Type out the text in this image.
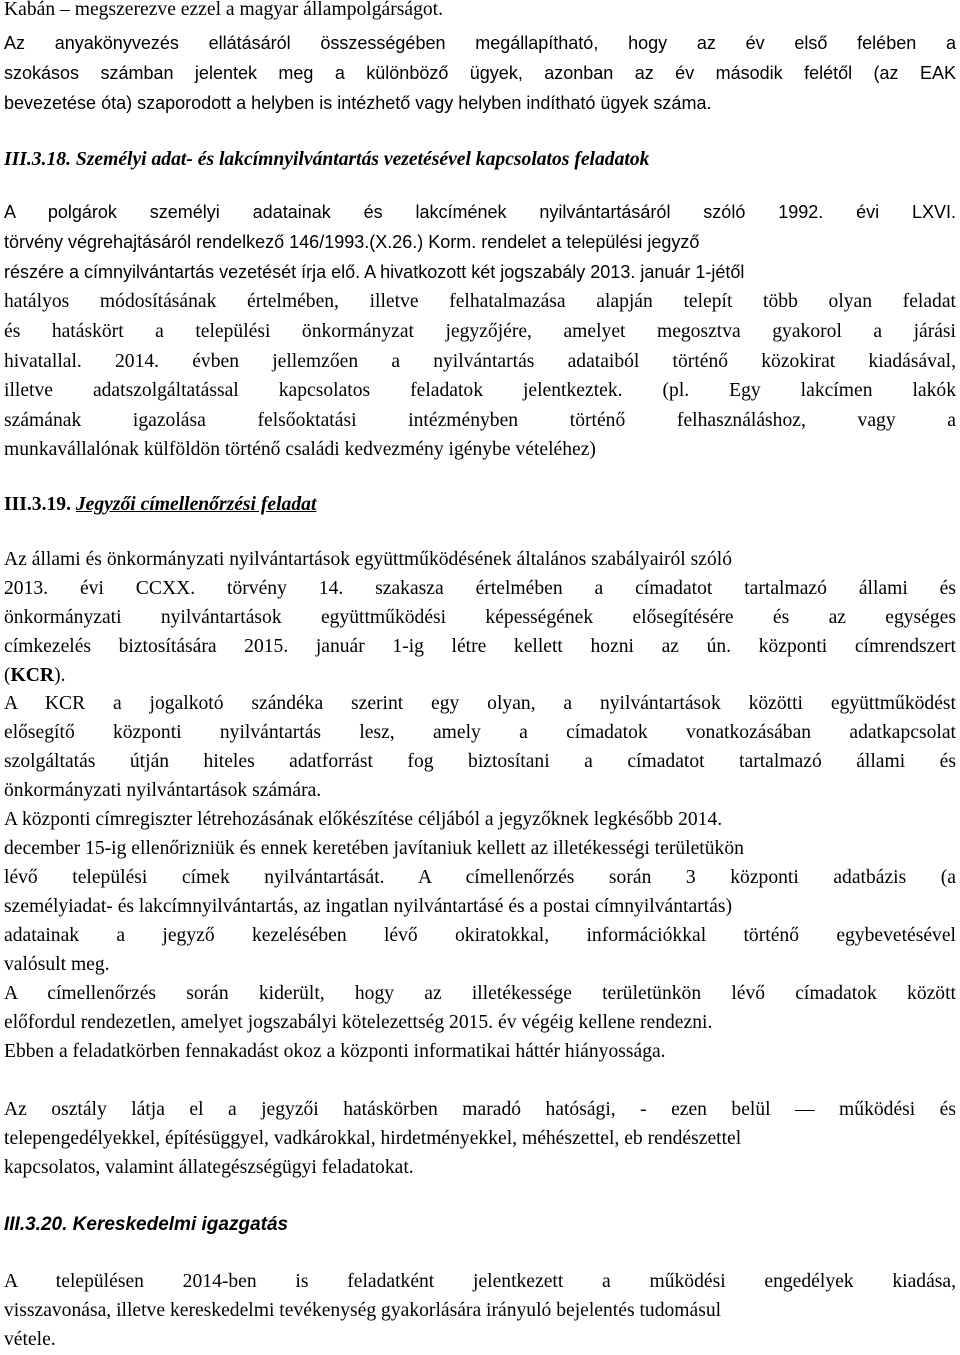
Kabán – megszerezve ezzel a magyar állampolgárságot.
Az anyakönyvezés ellátásáról összességében megállapítható, hogy az év első felében a
szokásos számban jelentek meg a különböző ügyek, azonban az év második felétől (az EAK
bevezetése óta) szaporodott a helyben is intézhető vagy helyben indítható ügyek száma.
III.3.18. Személyi adat- és lakcímnyilvántartás vezetésével kapcsolatos feladatok
A polgárok személyi adatainak és lakcímének nyilvántartásáról szóló 1992. évi LXVI.
törvény végrehajtásáról rendelkező 146/1993.(X.26.) Korm. rendelet a települési jegyző
részére a címnyilvántartás vezetését írja elő. A hivatkozott két jogszabály 2013. január 1-jétől
hatályos módosításának értelmében, illetve felhatalmazása alapján telepít több olyan feladat
és hatáskört a települési önkormányzat jegyzőjére, amelyet megosztva gyakorol a járási
hivatallal. 2014. évben jellemzően a nyilvántartás adataiból történő közokirat kiadásával,
illetve adatszolgáltatással kapcsolatos feladatok jelentkeztek. (pl. Egy lakcímen lakók
számának igazolása felsőoktatási intézményben történő felhasználáshoz, vagy a
munkavállalónak külföldön történő családi kedvezmény igénybe vételéhez)
III.3.19. Jegyzői címellenőrzési feladat
Az állami és önkormányzati nyilvántartások együttműködésének általános szabályairól szóló
2013. évi CCXX. törvény 14. szakasza értelmében a címadatot tartalmazó állami és
önkormányzati nyilvántartások együttműködési képességének elősegítésére és az egységes
címkezelés biztosítására 2015. január 1-ig létre kellett hozni az ún. központi címrendszert
(KCR).
A KCR a jogalkotó szándéka szerint egy olyan, a nyilvántartások közötti együttműködést
elősegítő központi nyilvántartás lesz, amely a címadatok vonatkozásában adatkapcsolat
szolgáltatás útján hiteles adatforrást fog biztosítani a címadatot tartalmazó állami és
önkormányzati nyilvántartások számára.
A központi címregiszter létrehozásának előkészítése céljából a jegyzőknek legkésőbb 2014.
december 15-ig ellenőrizniük és ennek keretében javítaniuk kellett az illetékességi területükön
lévő települési címek nyilvántartását. A címellenőrzés során 3 központi adatbázis (a
személyiadat- és lakcímnyilvántartás, az ingatlan nyilvántartásé és a postai címnyilvántartás)
adatainak a jegyző kezelésében lévő okiratokkal, információkkal történő egybevetésével
valósult meg.
A címellenőrzés során kiderült, hogy az illetékessége területünkön lévő címadatok között
előfordul rendezetlen, amelyet jogszabályi kötelezettség 2015. év végéig kellene rendezni.
Ebben a feladatkörben fennakadást okoz a központi informatikai háttér hiányossága.
Az osztály látja el a jegyzői hatáskörben maradó hatósági, - ezen belül — működési és
telepengedélyekkel, építésüggyel, vadkárokkal, hirdetményekkel, méhészettel, eb rendészettel
kapcsolatos, valamint állategészségügyi feladatokat.
III.3.20. Kereskedelmi igazgatás
A településen 2014-ben is feladatként jelentkezett a működési engedélyek kiadása,
visszavonása, illetve kereskedelmi tevékenység gyakorlására irányuló bejelentés tudomásul
vétele.
